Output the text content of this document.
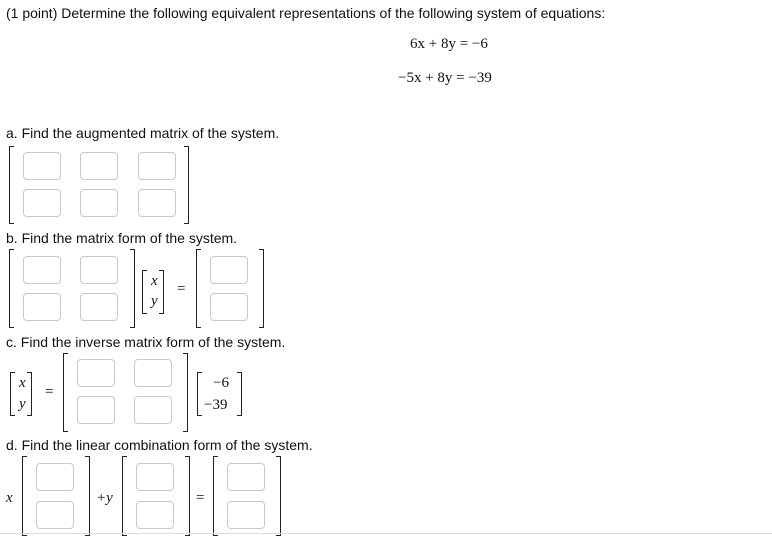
(1 point) Determine the following equivalent representations of the following system of equations:
6x + 8y = −6
−5x + 8y = −39
a. Find the augmented matrix of the system.
b. Find the matrix form of the system.
x
y
=
c. Find the inverse matrix form of the system.
x
y
=
−6
−39
d. Find the linear combination form of the system.
x	+y	=
